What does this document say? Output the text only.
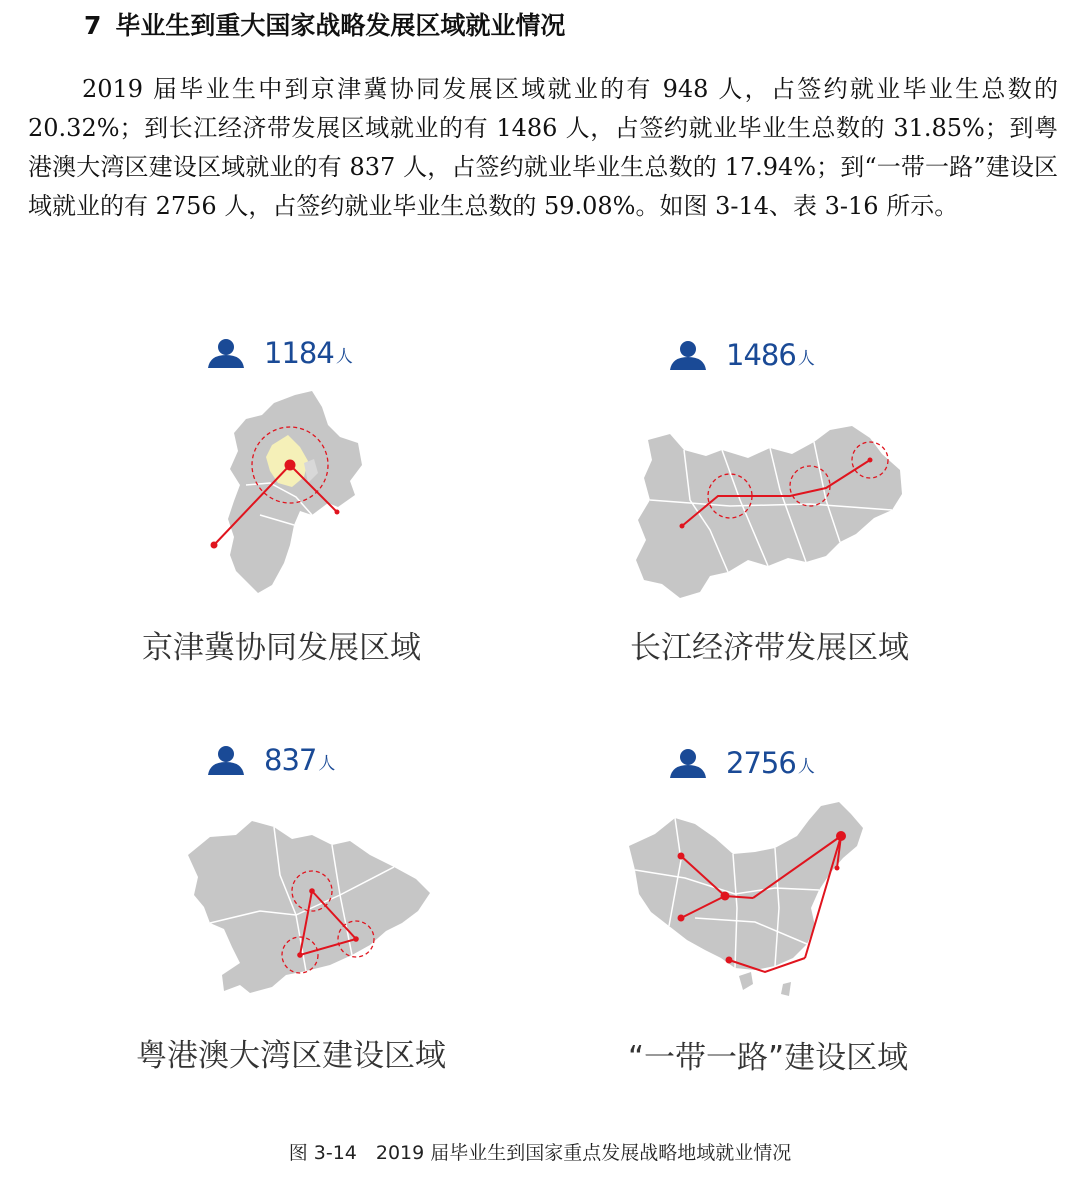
7 毕业生到重大国家战略发展区域就业情况

2019 届毕业生中到京津冀协同发展区域就业的有 948 人，占签约就业毕业生总数的 20.32%；到长江经济带发展区域就业的有 1486 人，占签约就业毕业生总数的 31.85%；到粤港澳大湾区建设区域就业的有 837 人，占签约就业毕业生总数的 17.94%；到“一带一路”建设区域就业的有 2756 人，占签约就业毕业生总数的 59.08%。如图 3-14、表 3-16 所示。

1184 人
京津冀协同发展区域
1486 人
长江经济带发展区域
837 人
粤港澳大湾区建设区域
2756 人
“一带一路”建设区域
图 3-14　2019 届毕业生到国家重点发展战略地域就业情况
